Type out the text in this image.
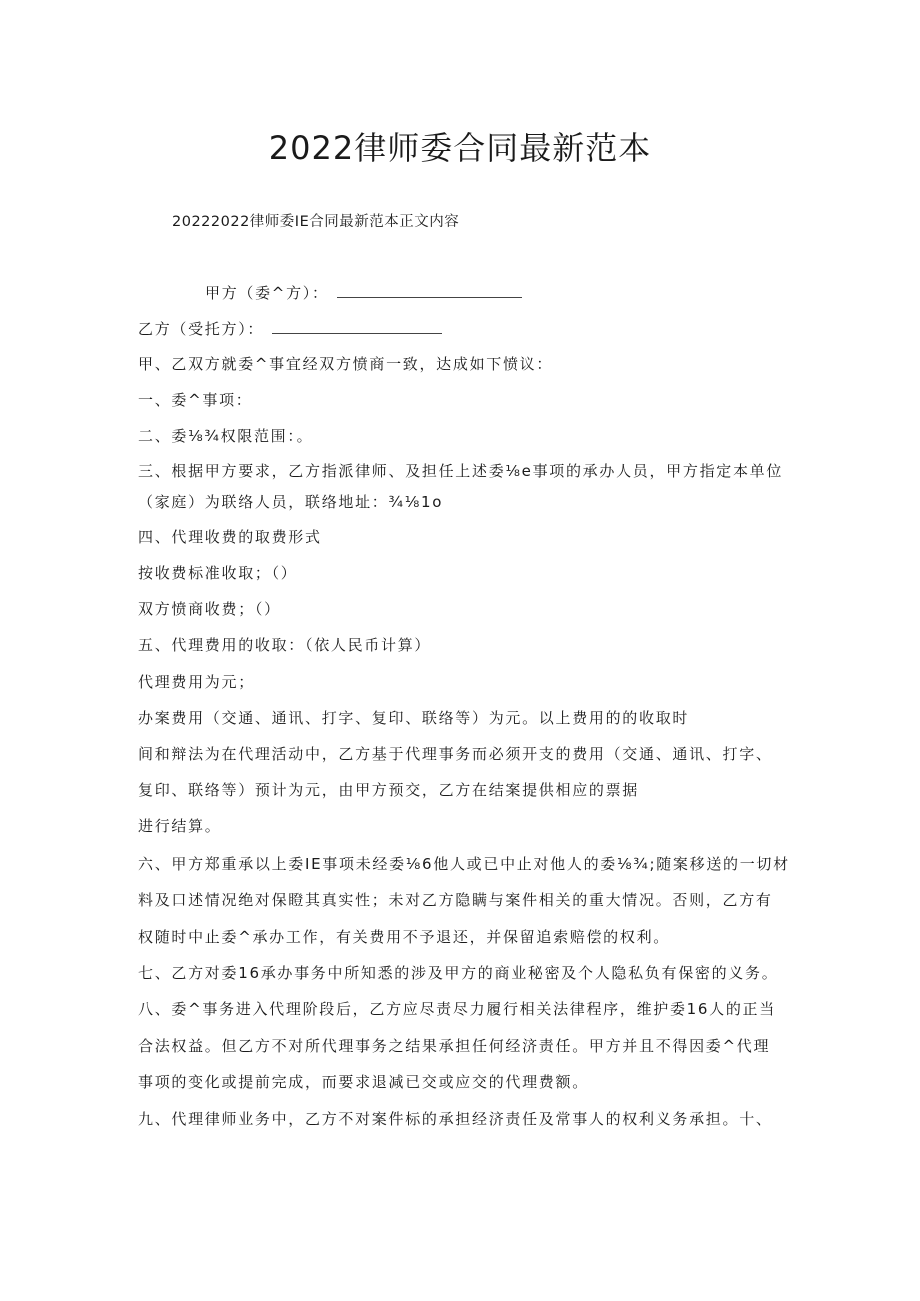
2022律师委合同最新范本
20222022律师委IE合同最新范本正文内容
甲方（委^方）：
乙方（受托方）：
甲、乙双方就委^事宜经双方愤商一致，达成如下愤议：
一、委^事项：
二、委⅛¾权限范围：。
三、根据甲方要求，乙方指派律师、及担任上述委⅛e事项的承办人员，甲方指定本单位
（家庭）为联络人员，联络地址：¾⅛1o
四、代理收费的取费形式
按收费标准收取；（）
双方愤商收费；（）
五、代理费用的收取：（依人民币计算）
代理费用为元；
办案费用（交通、通讯、打字、复印、联络等）为元。以上费用的的收取时
间和辩法为在代理活动中，乙方基于代理事务而必须开支的费用（交通、通讯、打字、
复印、联络等）预计为元，由甲方预交，乙方在结案提供相应的票据
进行结算。
六、甲方郑重承以上委IE事项未经委⅛6他人或已中止对他人的委⅛¾;随案移送的一切材
料及口述情况绝对保瞪其真实性；未对乙方隐瞒与案件相关的重大情况。否则，乙方有
权随时中止委^承办工作，有关费用不予退还，并保留追索赔偿的权利。
七、乙方对委16承办事务中所知悉的涉及甲方的商业秘密及个人隐私负有保密的义务。
八、委^事务进入代理阶段后，乙方应尽责尽力履行相关法律程序，维护委16人的正当
合法权益。但乙方不对所代理事务之结果承担任何经济责任。甲方并且不得因委^代理
事项的变化或提前完成，而要求退减已交或应交的代理费额。
九、代理律师业务中，乙方不对案件标的承担经济责任及常事人的权利义务承担。十、
